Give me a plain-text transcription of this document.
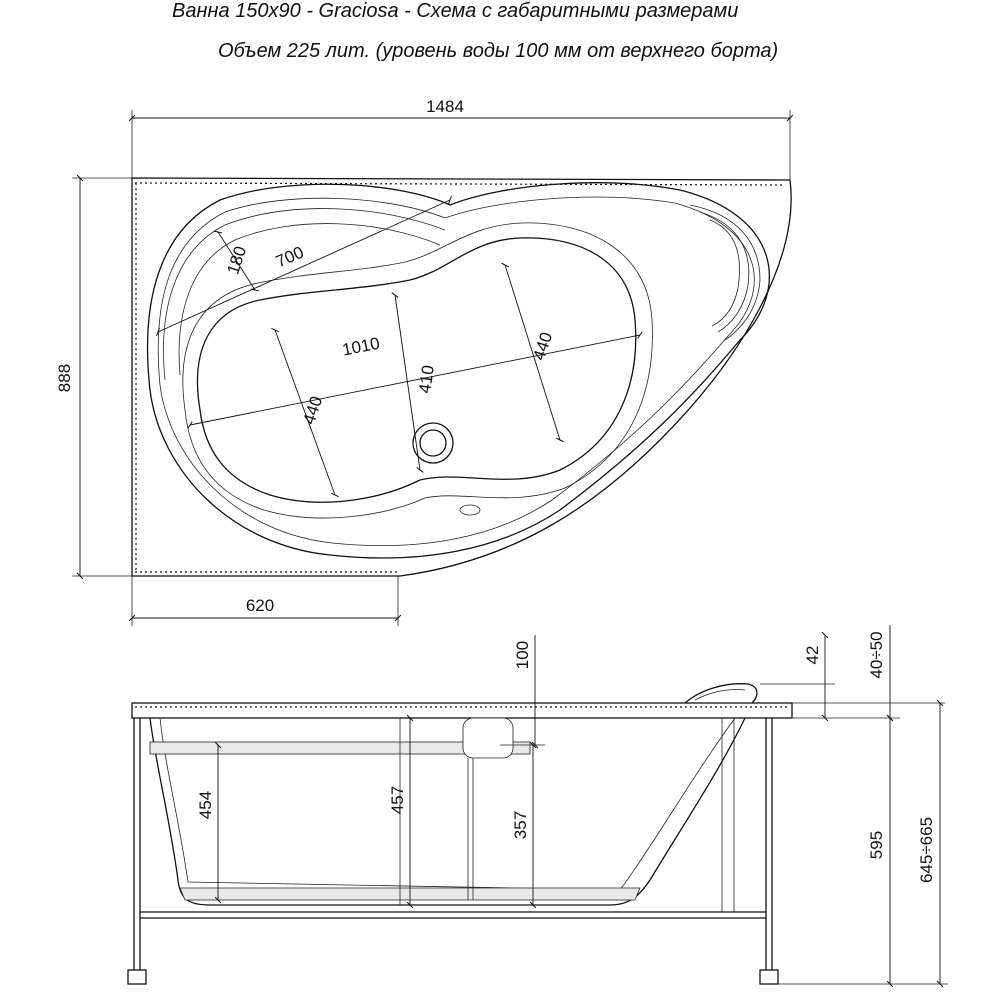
Ванна 150х90 - Graciosa - Схема с габаритными размерами
Объем 225 лит. (уровень воды 100 мм от верхнего борта)
1484
888
620
1010
440
440
410
700
180
100	42	40÷50
454	457
357
595 645÷665
